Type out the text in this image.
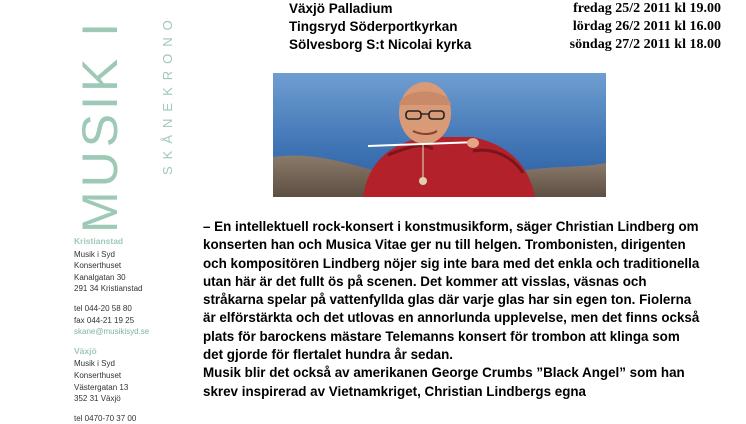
MUSIK I SKÅNEKRONO
Växjö Palladium	fredag 25/2 2011 kl 19.00
Tingsryd Söderportkyrkan	lördag 26/2 2011 kl 16.00
Sölvesborg S:t Nicolai kyrka	söndag 27/2 2011 kl 18.00
Kristianstad
Musik i Syd
Konserthuset
Kanalgatan 30
291 34 Kristianstad
tel 044-20 58 80
fax 044-21 19 25
skane@musikisyd.se
Växjö
Musik i Syd
Konserthuset
Västergatan 13
352 31 Växjö
tel 0470-70 37 00

– En intellektuell rock-konsert i konstmusikform, säger Christian Lindberg om konserten han och Musica Vitae ger nu till helgen. Trombonisten, dirigenten och kompositören Lindberg nöjer sig inte bara med det enkla och traditionella utan här är det fullt ös på scenen. Det kommer att visslas, väsnas och stråkarna spelar på vattenfyllda glas där varje glas har sin egen ton. Fiolerna är elförstärkta och det utlovas en annorlunda upplevelse, men det finns också plats för barockens mästare Telemanns konsert för trombon att klinga som det gjorde för flertalet hundra år sedan.

Musik blir det också av amerikanen George Crumbs ”Black Angel” som han skrev inspirerad av Vietnamkriget, Christian Lindbergs egna
